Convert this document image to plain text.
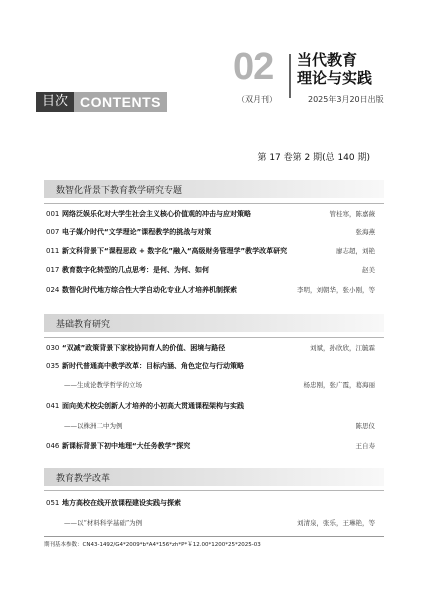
02 当代教育
理论与实践
（双月刊）	2025年3月20日出版
目次 CONTENTS
第 17 卷第 2 期(总 140 期)
数智化背景下教育教学研究专题
001 网络泛娱乐化对大学生社会主义核心价值观的冲击与应对策略	管桂寒，陈嘉薇
007 电子媒介时代“文学理论”课程教学的挑战与对策	张海燕
011 新文科背景下“课程思政 + 数字化”融入“高级财务管理学”教学改革研究	廖志超，刘艳
017 教育数字化转型的几点思考：是何、为何、如何	赵美
024 数智化时代地方综合性大学自动化专业人才培养机制探索	李明，刘朝华，张小刚，等
基础教育研究
030 “双减”政策背景下家校协同育人的价值、困境与路径	刘斌，孙欣欣，江毓霖
035 新时代普通高中教学改革：目标内涵、角色定位与行动策略
——生成论教学哲学的立场	杨忠刚，张广霞，葛海丽
041 面向美术校尖创新人才培养的小初高大贯通课程架构与实践
——以株洲二中为例	陈思仪
046 新课标背景下初中地理“大任务教学”探究	王自寿
教育教学改革
051 地方高校在线开放课程建设实践与探索
——以“材料科学基础”为例	刘清泉，张乐，王琳艳，等
期刊基本参数：CN43-1492/G4*2009*b*A4*156*zh*P*￥12.00*1200*25*2025-03
